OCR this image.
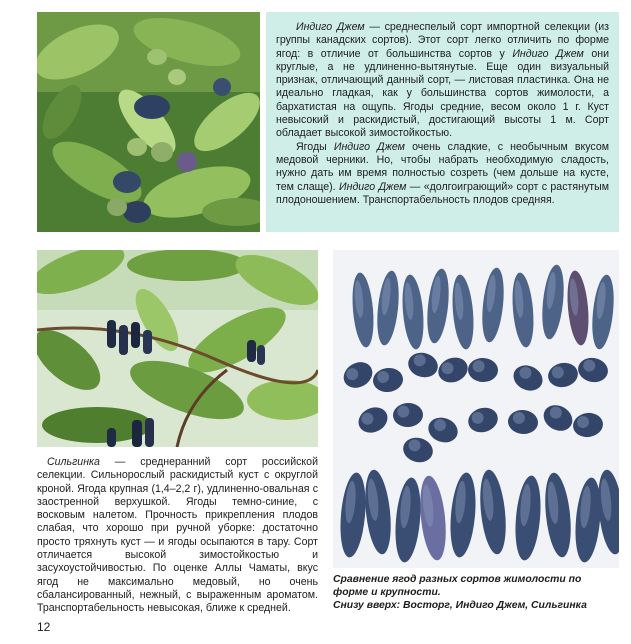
Индиго Джем — среднеспелый сорт импортной селекции (из группы канадских сортов). Этот сорт легко отличить по форме ягод: в отличие от большинства сортов у Индиго Джем они круглые, а не удлиненно-вытянутые. Еще один визуальный признак, отличающий данный сорт, — листовая пластинка. Она не идеально гладкая, как у большинства сортов жимолости, а бархатистая на ощупь. Ягоды средние, весом около 1 г. Куст невысокий и раскидистый, достигающий высоты 1 м. Сорт обладает высокой зимостойкостью.

Ягоды Индиго Джем очень сладкие, с необычным вкусом медовой черники. Но, чтобы набрать необходимую сладость, нужно дать им время полностью созреть (чем дольше на кусте, тем слаще). Индиго Джем — «долгоиграющий» сорт с растянутым плодоношением. Транспортабельность плодов средняя.

Сильгинка — среднеранний сорт российской селекции. Сильнорослый раскидистый куст с округлой кроной. Ягода крупная (1,4–2,2 г), удлиненно-овальная с заостренной верхушкой. Ягоды темно-синие, с восковым налетом. Прочность прикрепления плодов слабая, что хорошо при ручной уборке: достаточно просто тряхнуть куст — и ягоды осыпаются в тару. Сорт отличается высокой зимостойкостью и засухоустойчивостью. По оценке Аллы Чаматы, вкус ягод не максимально медовый, но очень сбалансированный, нежный, с выраженным ароматом. Транспортабельность невысокая, ближе к средней.

Сравнение ягод разных сортов жимолости по форме и крупности.
Снизу вверх: Восторг, Индиго Джем, Сильгинка
12
